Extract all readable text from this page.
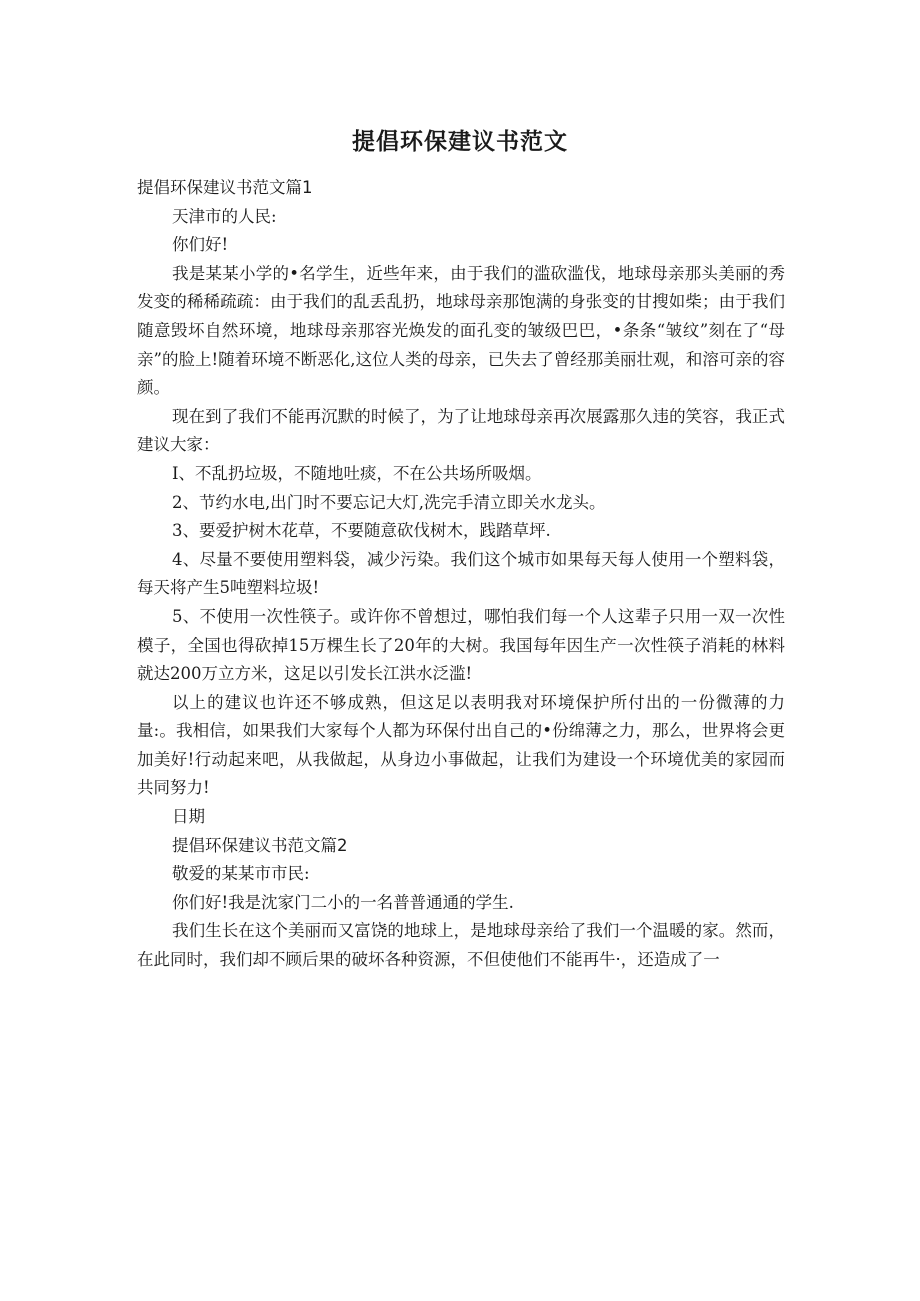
提倡环保建议书范文

提倡环保建议书范文篇1

天津市的人民:

你们好!

我是某某小学的•名学生，近些年来，由于我们的滥砍滥伐，地球母亲那头美丽的秀发变的稀稀疏疏：由于我们的乱丢乱扔，地球母亲那饱满的身张变的甘搜如柴；由于我们随意毁坏自然环境，地球母亲那容光焕发的面孔变的皱级巴巴，•条条“皱纹”刻在了“母亲”的脸上!随着环境不断恶化,这位人类的母亲，已失去了曾经那美丽壮观，和溶可亲的容颜。

现在到了我们不能再沉默的时候了，为了让地球母亲再次展露那久违的笑容，我正式建议大家：

I、不乱扔垃圾，不随地吐痰，不在公共场所吸烟。

2、节约水电,出门时不要忘记大灯,洗完手清立即关水龙头。

3、要爱护树木花草，不要随意砍伐树木，践踏草坪.

4、尽量不要使用塑料袋，减少污染。我们这个城市如果每天每人使用一个塑料袋，每天将产生5吨塑料垃圾!

5、不使用一次性筷子。或许你不曾想过，哪怕我们每一个人这辈子只用一双一次性模子，全国也得砍掉15万棵生长了20年的大树。我国每年因生产一次性筷子消耗的林料就达200万立方米，这足以引发长江洪水泛滥!

以上的建议也许还不够成熟，但这足以表明我对环境保护所付出的一份微薄的力量:。我相信，如果我们大家每个人都为环保付出自己的•份绵薄之力，那么，世界将会更加美好!行动起来吧，从我做起，从身边小事做起，让我们为建设一个环境优美的家园而共同努力!

日期

提倡环保建议书范文篇2

敬爱的某某市市民:

你们好!我是沈家门二小的一名普普通通的学生.

我们生长在这个美丽而又富饶的地球上，是地球母亲给了我们一个温暖的家。然而，在此同时，我们却不顾后果的破坏各种资源，不但使他们不能再牛·，还造成了一
